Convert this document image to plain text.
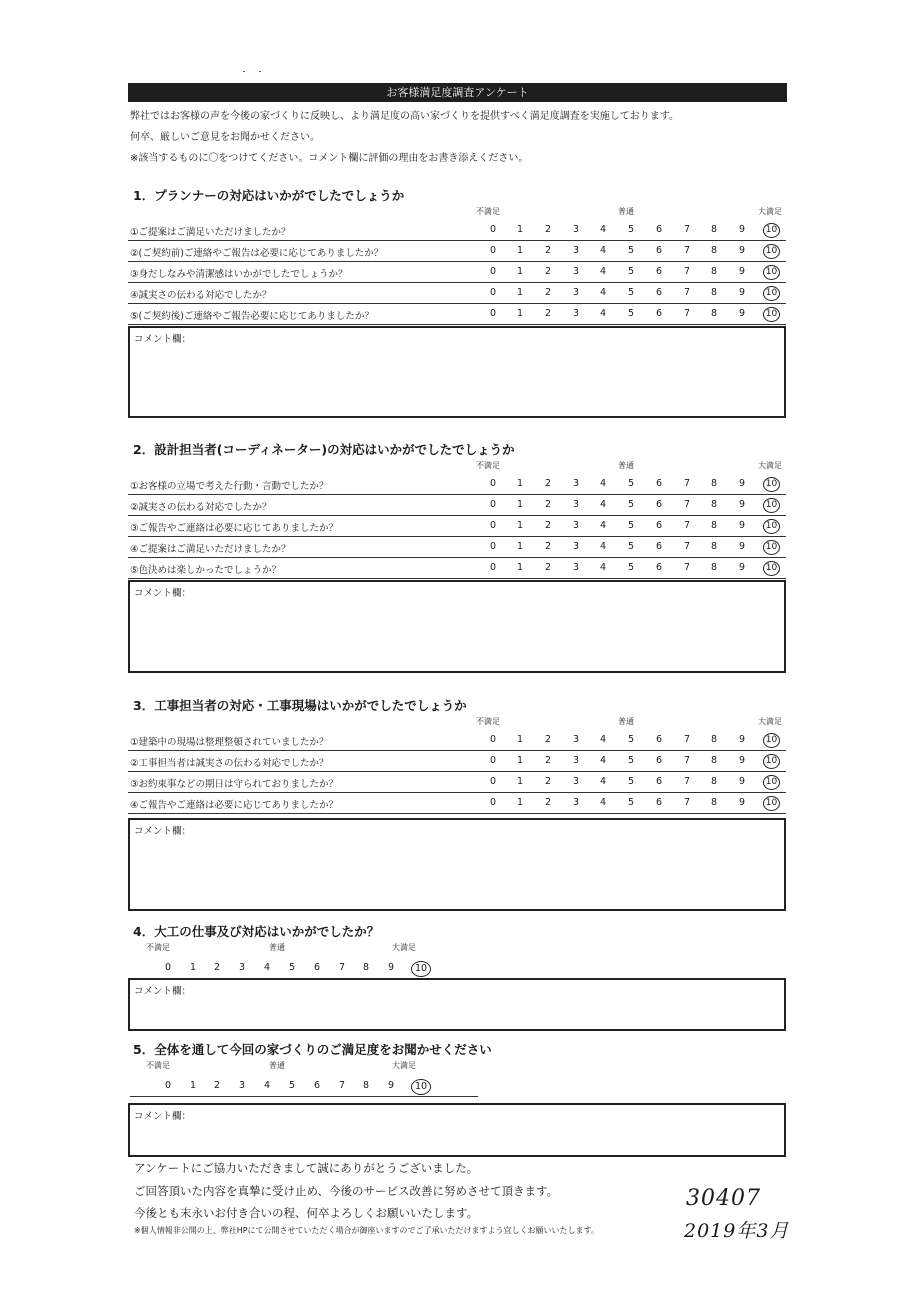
お客様満足度調査アンケート
弊社ではお客様の声を今後の家づくりに反映し、より満足度の高い家づくりを提供すべく満足度調査を実施しております。
何卒、厳しいご意見をお聞かせください。
※該当するものに〇をつけてください。コメント欄に評価の理由をお書き添えください。
1．プランナーの対応はいかがでしたでしょうか
不満足	普通	大満足
①ご提案はご満足いただけましたか？	0	1	2	3	4	5	6	7	8	9	10
②(ご契約前)ご連絡やご報告は必要に応じてありましたか？	0	1	2	3	4	5	6	7	8	9	10
③身だしなみや清潔感はいかがでしたでしょうか？	0	1	2	3	4	5	6	7	8	9	10
④誠実さの伝わる対応でしたか？	0	1	2	3	4	5	6	7	8	9	10
⑤(ご契約後)ご連絡やご報告必要に応じてありましたか？	0	1	2	3	4	5	6	7	8	9	10
コメント欄：
2．設計担当者(コーディネーター)の対応はいかがでしたでしょうか
不満足	普通	大満足
①お客様の立場で考えた行動・言動でしたか？	0	1	2	3	4	5	6	7	8	9	10
②誠実さの伝わる対応でしたか？	0	1	2	3	4	5	6	7	8	9	10
③ご報告やご連絡は必要に応じてありましたか？	0	1	2	3	4	5	6	7	8	9	10
④ご提案はご満足いただけましたか？	0	1	2	3	4	5	6	7	8	9	10
⑤色決めは楽しかったでしょうか？	0	1	2	3	4	5	6	7	8	9	10
コメント欄：
3．工事担当者の対応・工事現場はいかがでしたでしょうか
不満足	普通	大満足
①建築中の現場は整理整頓されていましたか？	0	1	2	3	4	5	6	7	8	9	10
②工事担当者は誠実さの伝わる対応でしたか？	0	1	2	3	4	5	6	7	8	9	10
③お約束事などの期日は守られておりましたか？	0	1	2	3	4	5	6	7	8	9	10
④ご報告やご連絡は必要に応じてありましたか？	0	1	2	3	4	5	6	7	8	9	10
コメント欄：
4．大工の仕事及び対応はいかがでしたか？
不満足	普通	大満足
0	1	2	3	4	5	6	7	8	9	10
コメント欄：
5．全体を通して今回の家づくりのご満足度をお聞かせください
不満足	普通	大満足
0	1	2	3	4	5	6	7	8	9	10
コメント欄：
アンケートにご協力いただきまして誠にありがとうございました。
ご回答頂いた内容を真摯に受け止め、今後のサービス改善に努めさせて頂きます。
今後とも末永いお付き合いの程、何卒よろしくお願いいたします。
※個人情報非公開の上、弊社HPにて公開させていただく場合が御座いますのでご了承いただけますよう宜しくお願いいたします。
30407
2019年3月
